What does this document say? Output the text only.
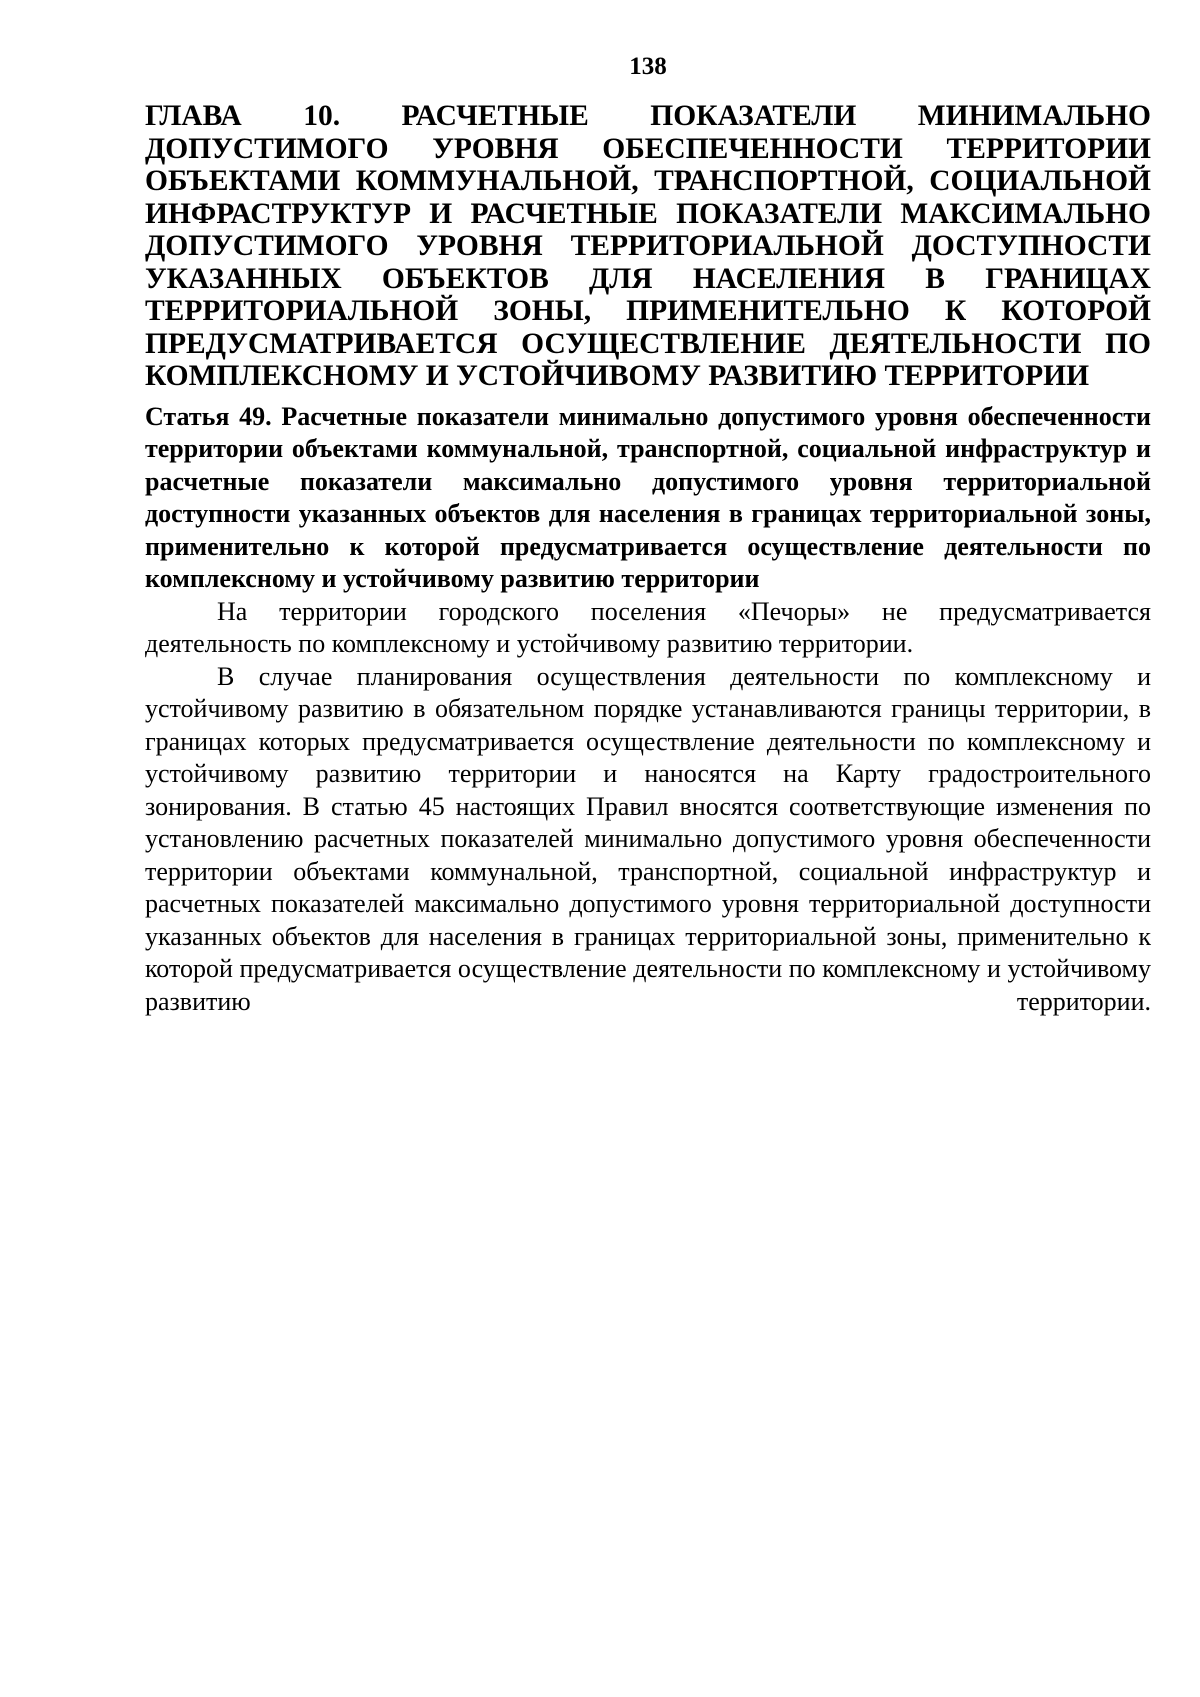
138
ГЛАВА 10. РАСЧЕТНЫЕ ПОКАЗАТЕЛИ МИНИМАЛЬНО ДОПУСТИМОГО УРОВНЯ ОБЕСПЕЧЕННОСТИ ТЕРРИТОРИИ ОБЪЕКТАМИ КОММУНАЛЬНОЙ, ТРАНСПОРТНОЙ, СОЦИАЛЬНОЙ ИНФРАСТРУКТУР И РАСЧЕТНЫЕ ПОКАЗАТЕЛИ МАКСИМАЛЬНО ДОПУСТИМОГО УРОВНЯ ТЕРРИТОРИАЛЬНОЙ ДОСТУПНОСТИ УКАЗАННЫХ ОБЪЕКТОВ ДЛЯ НАСЕЛЕНИЯ В ГРАНИЦАХ ТЕРРИТОРИАЛЬНОЙ ЗОНЫ, ПРИМЕНИТЕЛЬНО К КОТОРОЙ ПРЕДУСМАТРИВАЕТСЯ ОСУЩЕСТВЛЕНИЕ ДЕЯТЕЛЬНОСТИ ПО КОМПЛЕКСНОМУ И УСТОЙЧИВОМУ РАЗВИТИЮ ТЕРРИТОРИИ
Статья 49. Расчетные показатели минимально допустимого уровня обеспеченности территории объектами коммунальной, транспортной, социальной инфраструктур и расчетные показатели максимально допустимого уровня территориальной доступности указанных объектов для населения в границах территориальной зоны, применительно к которой предусматривается осуществление деятельности по комплексному и устойчивому развитию территории

На территории городского поселения «Печоры» не предусматривается деятельность по комплексному и устойчивому развитию территории.

В случае планирования осуществления деятельности по комплексному и устойчивому развитию в обязательном порядке устанавливаются границы территории, в границах которых предусматривается осуществление деятельности по комплексному и устойчивому развитию территории и наносятся на Карту градостроительного зонирования. В статью 45 настоящих Правил вносятся соответствующие изменения по установлению расчетных показателей минимально допустимого уровня обеспеченности территории объектами коммунальной, транспортной, социальной инфраструктур и расчетных показателей максимально допустимого уровня территориальной доступности указанных объектов для населения в границах территориальной зоны, применительно к которой предусматривается осуществление деятельности по комплексному и устойчивому развитию территории.
